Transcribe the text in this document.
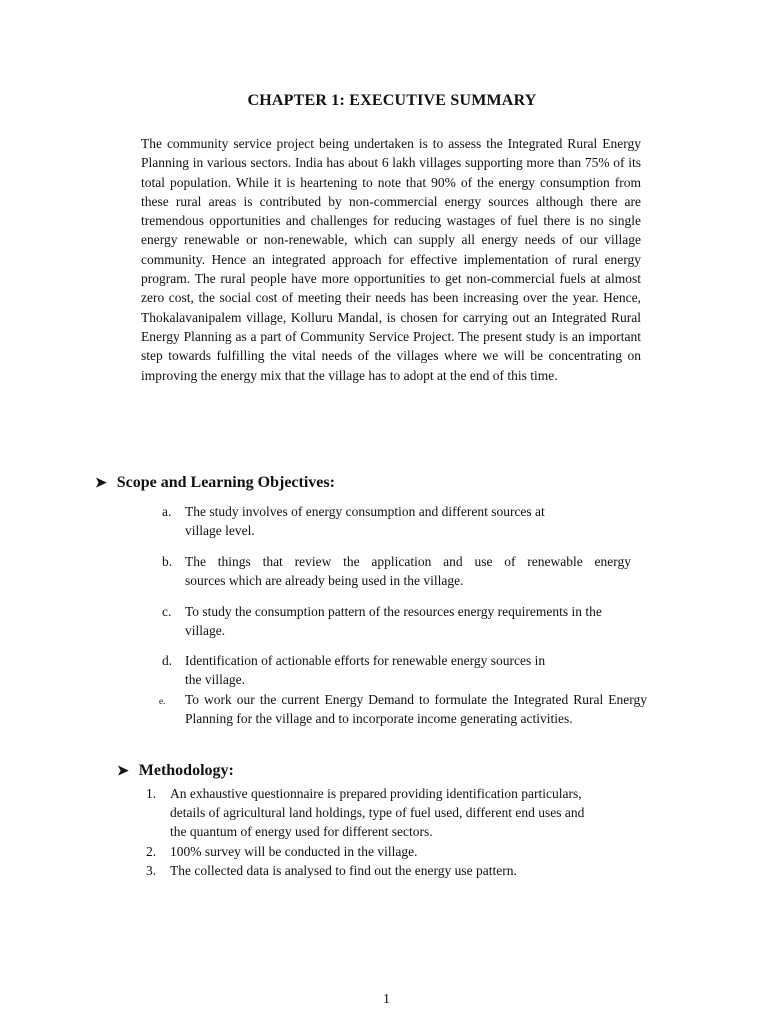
CHAPTER 1: EXECUTIVE SUMMARY

The community service project being undertaken is to assess the Integrated Rural Energy Planning in various sectors. India has about 6 lakh villages supporting more than 75% of its total population. While it is heartening to note that 90% of the energy consumption from these rural areas is contributed by non-commercial energy sources although there are tremendous opportunities and challenges for reducing wastages of fuel there is no single energy renewable or non-renewable, which can supply all energy needs of our village community. Hence an integrated approach for effective implementation of rural energy program. The rural people have more opportunities to get non-commercial fuels at almost zero cost, the social cost of meeting their needs has been increasing over the year. Hence, Thokalavanipalem village, Kolluru Mandal, is chosen for carrying out an Integrated Rural Energy Planning as a part of Community Service Project. The present study is an important step towards fulfilling the vital needs of the villages where we will be concentrating on improving the energy mix that the village has to adopt at the end of this time.

➤ Scope and Learning Objectives:
a. The study involves of energy consumption and different sources at
village level.
b. The things that review the application and use of renewable energy
sources which are already being used in the village.
c. To study the consumption pattern of the resources energy requirements in the
village.
d. Identification of actionable efforts for renewable energy sources in
the village.
e. To work our the current Energy Demand to formulate the Integrated Rural Energy Planning for the village and to incorporate income generating activities.
➤ Methodology:
1. An exhaustive questionnaire is prepared providing identification particulars,
details of agricultural land holdings, type of fuel used, different end uses and
the quantum of energy used for different sectors.
2. 100% survey will be conducted in the village.
3. The collected data is analysed to find out the energy use pattern.
1
